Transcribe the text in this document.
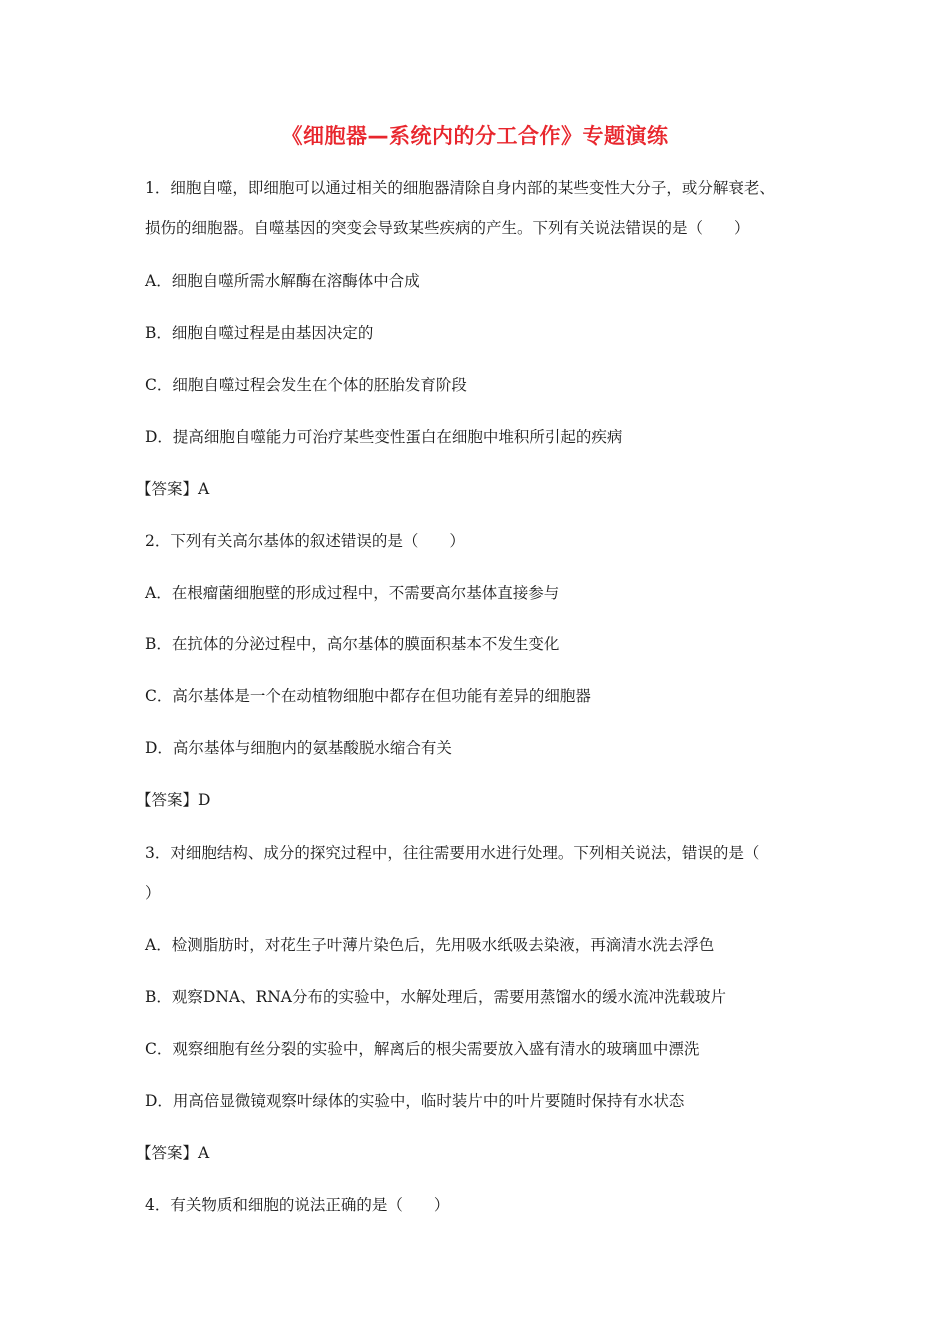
《细胞器—系统内的分工合作》专题演练
1．细胞自噬，即细胞可以通过相关的细胞器清除自身内部的某些变性大分子，或分解衰老、
损伤的细胞器。自噬基因的突变会导致某些疾病的产生。下列有关说法错误的是（　　）
A．细胞自噬所需水解酶在溶酶体中合成
B．细胞自噬过程是由基因决定的
C．细胞自噬过程会发生在个体的胚胎发育阶段
D．提高细胞自噬能力可治疗某些变性蛋白在细胞中堆积所引起的疾病
【答案】A
2．下列有关高尔基体的叙述错误的是（　　）
A．在根瘤菌细胞壁的形成过程中，不需要高尔基体直接参与
B．在抗体的分泌过程中，高尔基体的膜面积基本不发生变化
C．高尔基体是一个在动植物细胞中都存在但功能有差异的细胞器
D．高尔基体与细胞内的氨基酸脱水缩合有关
【答案】D
3．对细胞结构、成分的探究过程中，往往需要用水进行处理。下列相关说法，错误的是（
）
A．检测脂肪时，对花生子叶薄片染色后，先用吸水纸吸去染液，再滴清水洗去浮色
B．观察DNA、RNA分布的实验中，水解处理后，需要用蒸馏水的缓水流冲洗载玻片
C．观察细胞有丝分裂的实验中，解离后的根尖需要放入盛有清水的玻璃皿中漂洗
D．用高倍显微镜观察叶绿体的实验中，临时装片中的叶片要随时保持有水状态
【答案】A
4．有关物质和细胞的说法正确的是（　　）
